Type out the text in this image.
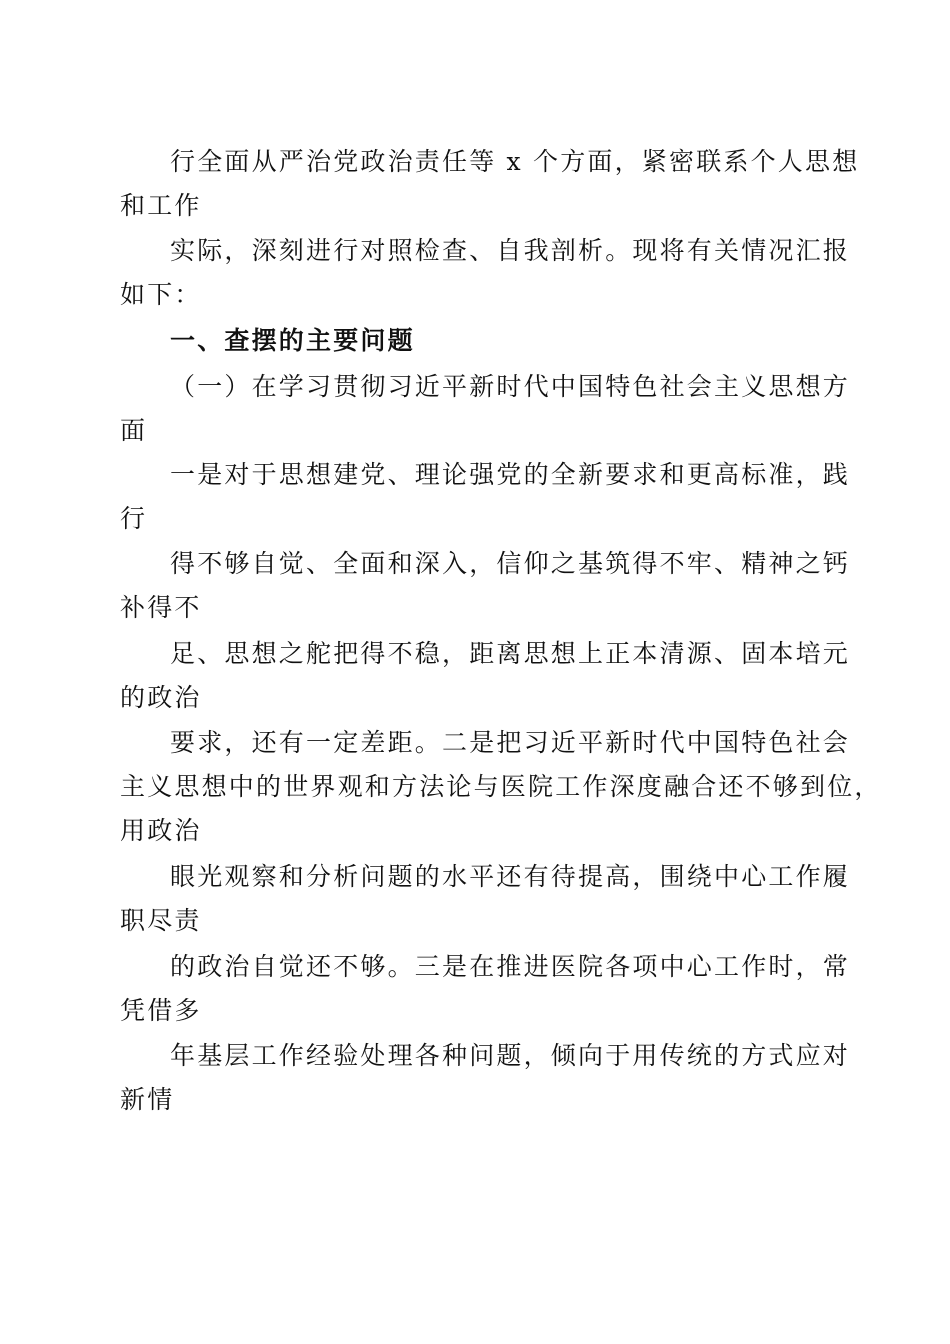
行全面从严治党政治责任等 x 个方面，紧密联系个人思想
和工作

实际，深刻进行对照检查、自我剖析。现将有关情况汇报
如下：

一、查摆的主要问题

（一）在学习贯彻习近平新时代中国特色社会主义思想方
面

一是对于思想建党、理论强党的全新要求和更高标准，践
行

得不够自觉、全面和深入，信仰之基筑得不牢、精神之钙
补得不

足、思想之舵把得不稳，距离思想上正本清源、固本培元
的政治

要求，还有一定差距。二是把习近平新时代中国特色社会
主义思想中的世界观和方法论与医院工作深度融合还不够到位，
用政治

眼光观察和分析问题的水平还有待提高，围绕中心工作履
职尽责

的政治自觉还不够。三是在推进医院各项中心工作时，常
凭借多

年基层工作经验处理各种问题，倾向于用传统的方式应对
新情
